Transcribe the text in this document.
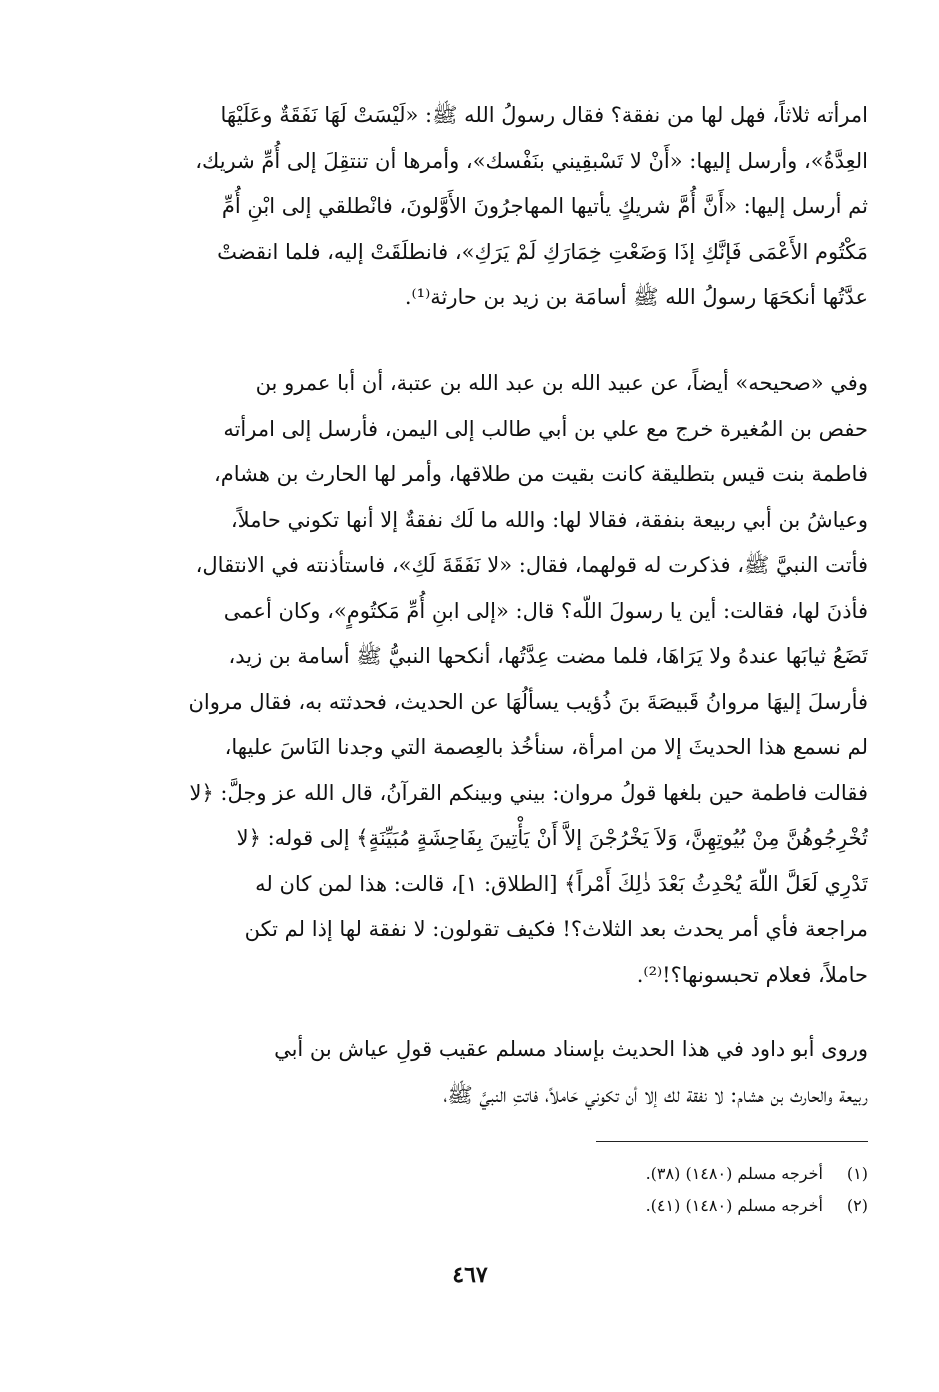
امرأته ثلاثاً، فهل لها من نفقة؟ فقال رسولُ الله ﷺ: «لَيْسَتْ لَهَا نَفَقَةٌ وعَلَيْهَا
العِدَّةُ»، وأرسل إليها: «أَنْ لا تَسْبقِيني بنَفْسك»، وأمرها أن تنتقِلَ إلى أُمِّ شريك،
ثم أرسل إليها: «أَنَّ أُمَّ شريكٍ يأتيها المهاجرُونَ الأَوَّلونَ، فانْطلقي إلى ابْنِ أُمِّ
مَكْتُوم الأَعْمَى فَإنَّكِ إذَا وَضَعْتِ خِمَارَكِ لَمْ يَرَكِ»، فانطلَقَتْ إليه، فلما انقضتْ
عدَّتُها أنكحَهَا رسولُ الله ﷺ أسامَة بن زيد بن حارثة⁽¹⁾.
وفي «صحيحه» أيضاً، عن عبيد الله بن عبد الله بن عتبة، أن أبا عمرو بن
حفص بن المُغيرة خرج مع علي بن أبي طالب إلى اليمن، فأرسل إلى امرأته
فاطمة بنت قيس بتطليقة كانت بقيت من طلاقها، وأمر لها الحارث بن هشام،
وعياشُ بن أبي ربيعة بنفقة، فقالا لها: والله ما لَك نفقةٌ إلا أنها تكوني حاملاً،
فأتت النبيَّ ﷺ، فذكرت له قولهما، فقال: «لا نَفَقَةَ لَكِ»، فاستأذنته في الانتقال،
فأذنَ لها، فقالت: أين يا رسولَ اللّه؟ قال: «إلى ابنِ أُمِّ مَكتُومٍ»، وكان أعمى
تَضَعُ ثيابَها عندهُ ولا يَرَاهَا، فلما مضت عِدَّتُها، أنكحها النبيُّ ﷺ أسامة بن زيد،
فأرسلَ إليهَا مروانُ قَبيصَةَ بنَ ذُؤيب يسألُهَا عن الحديث، فحدثته به، فقال مروان
لم نسمع هذا الحديثَ إلا من امرأة، سنأخُذ بالعِصمة التي وجدنا النَاسَ عليها،
فقالت فاطمة حين بلغها قولُ مروان: بيني وبينكم القرآنُ، قال الله عز وجلَّ: ﴿لا
تُخْرِجُوهُنَّ مِنْ بُيُوتِهِنَّ، وَلاَ يَخْرُجْنَ إلاَّ أَنْ يَأْتِينَ بِفَاحِشَةٍ مُبَيِّنَةٍ﴾ إلى قوله: ﴿لا
تَدْرِي لَعَلَّ اللّهَ يُحْدِثُ بَعْدَ ذٰلِكَ أَمْراً﴾ [الطلاق: ١]، قالت: هذا لمن كان له
مراجعة فأي أمر يحدث بعد الثلاث؟! فكيف تقولون: لا نفقة لها إذا لم تكن
حاملاً، فعلام تحبسونها؟!⁽²⁾.
وروى أبو داود في هذا الحديث بإسناد مسلم عقيب قولِ عياش بن أبي
ربيعة والحارث بن هشام: لا نفقة لك إلا أن تكوني حَاملاً، فاتتِ النبيَّ ﷺ،
(١) أخرجه مسلم (١٤٨٠) (٣٨).
(٢) أخرجه مسلم (١٤٨٠) (٤١).
٤٦٧
